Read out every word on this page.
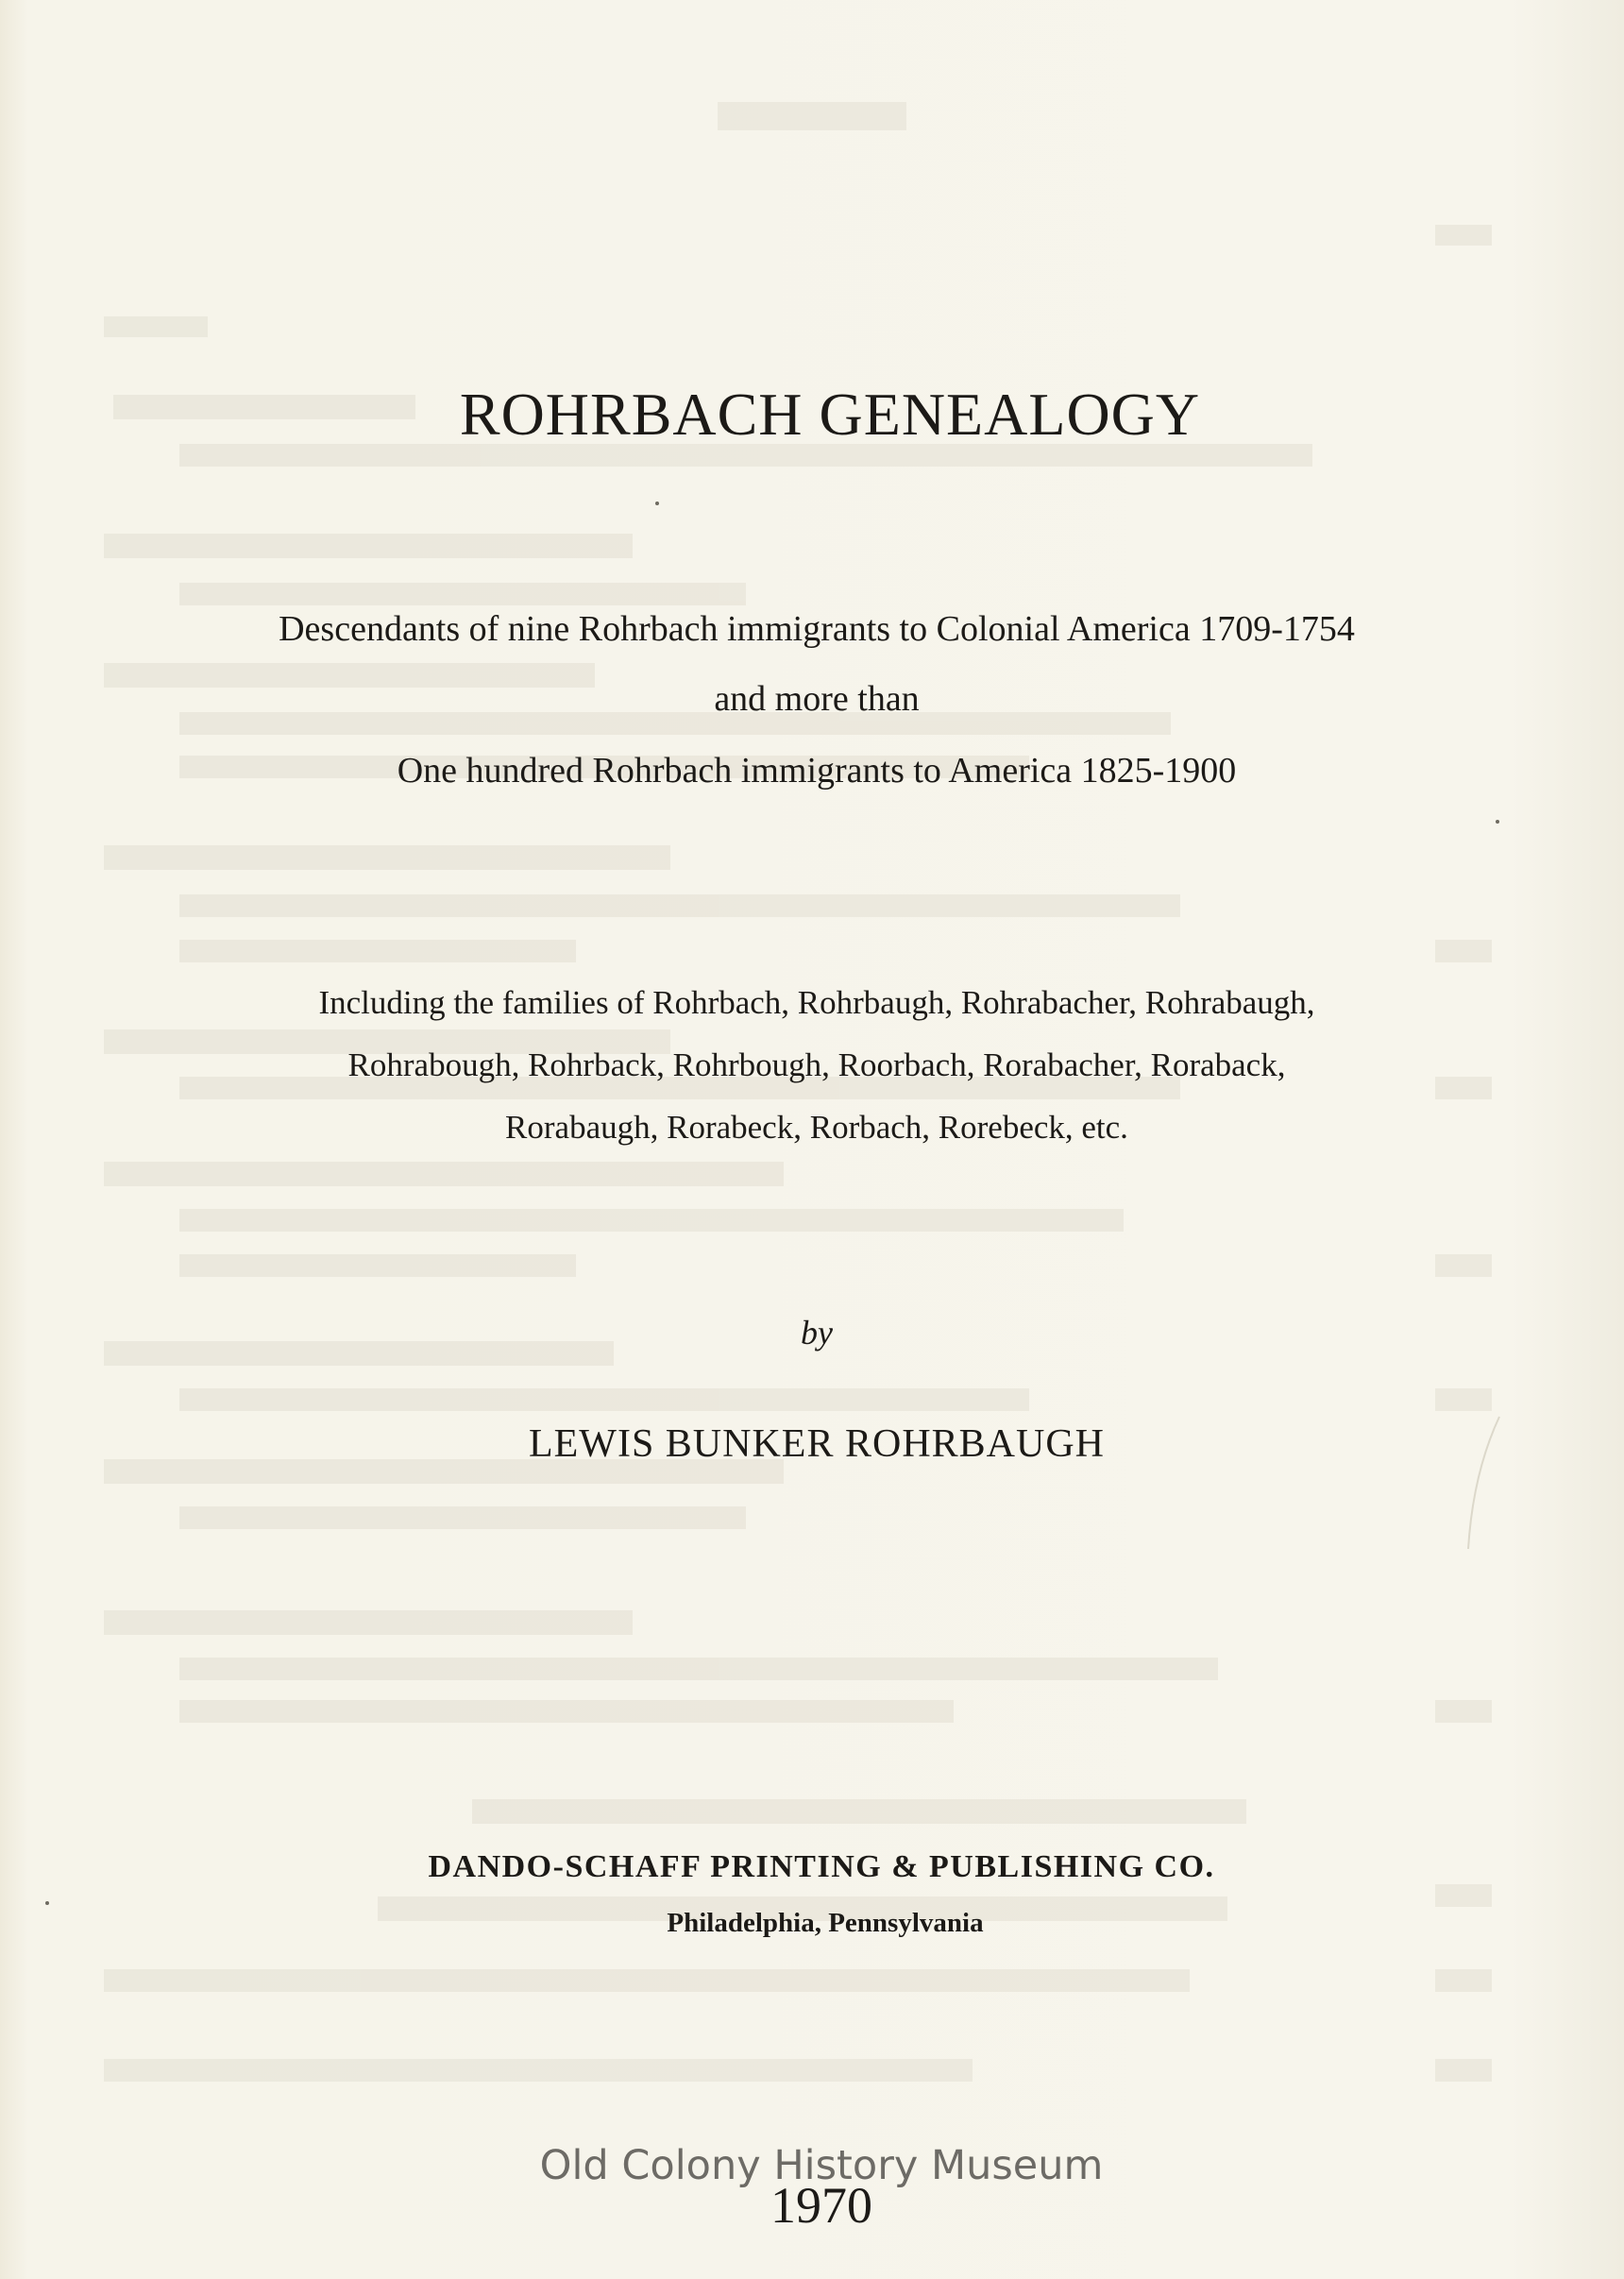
ROHRBACH GENEALOGY
Descendants of nine Rohrbach immigrants to Colonial America 1709-1754
and more than
One hundred Rohrbach immigrants to America 1825-1900
Including the families of Rohrbach, Rohrbaugh, Rohrabacher, Rohrabaugh,
Rohrabough, Rohrback, Rohrbough, Roorbach, Rorabacher, Roraback,
Rorabaugh, Rorabeck, Rorbach, Rorebeck, etc.
by
LEWIS BUNKER ROHRBAUGH
DANDO-SCHAFF PRINTING & PUBLISHING CO.
Philadelphia, Pennsylvania
1970
Old Colony History Museum
